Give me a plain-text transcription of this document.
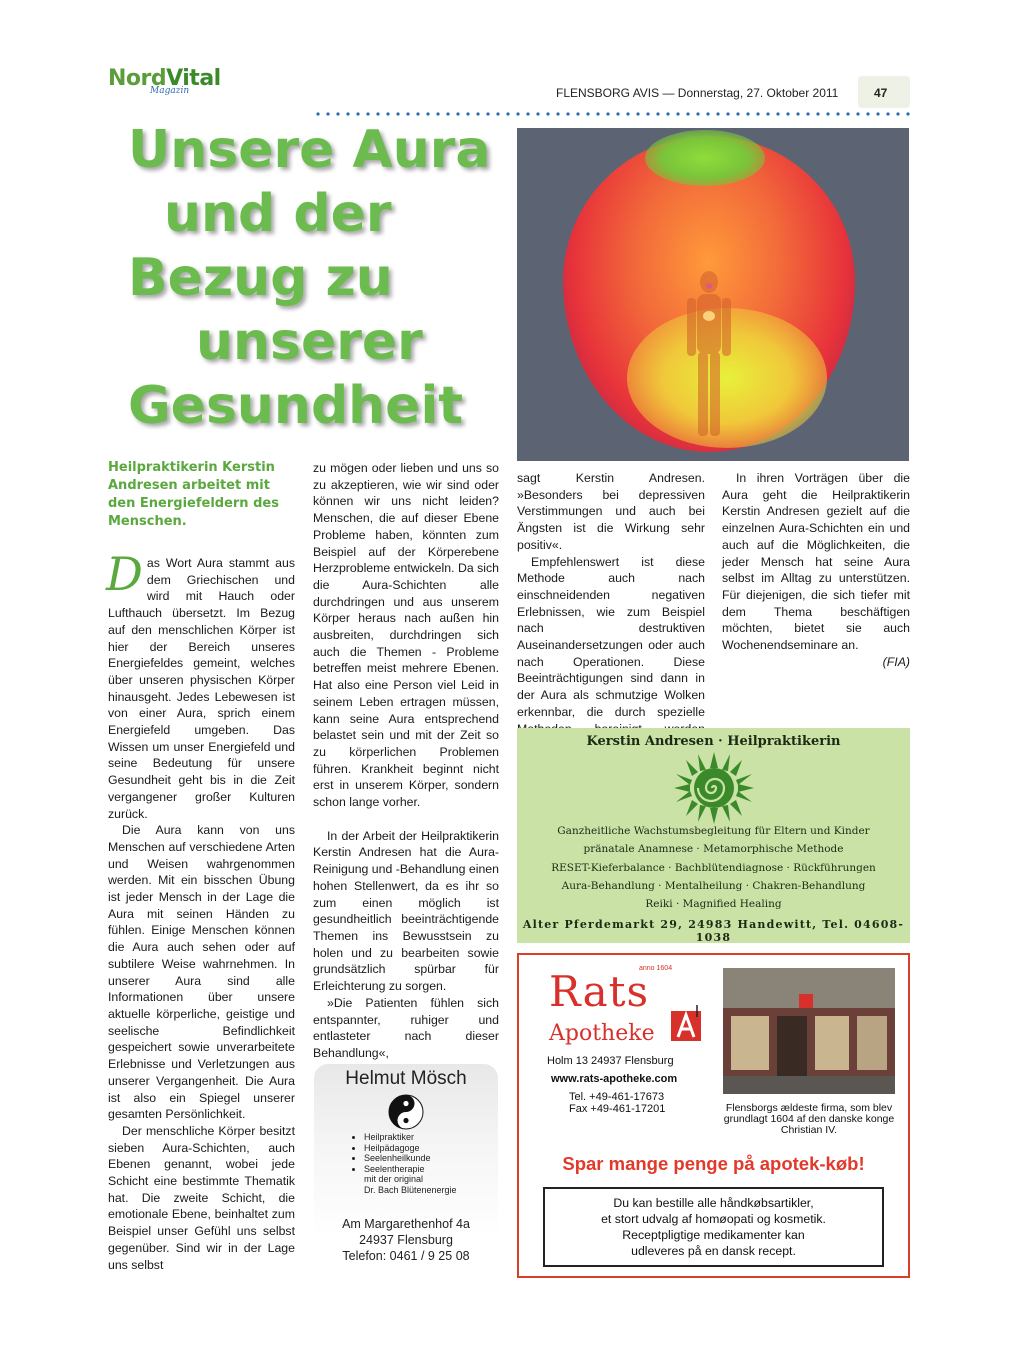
NordVital
Magazin	FLENSBORG AVIS — Donnerstag, 27. Oktober 2011	47
Unsere Aura
und der
Bezug zu
unserer
Gesundheit
Heilpraktikerin Kerstin Andresen arbeitet mit den Energiefeldern des Menschen.

Das Wort Aura stammt aus dem Griechischen und wird mit Hauch oder Lufthauch übersetzt. Im Bezug auf den menschlichen Körper ist hier der Bereich unseres Energiefeldes gemeint, welches über unseren physischen Körper hinausgeht. Jedes Lebewesen ist von einer Aura, sprich einem Energiefeld umgeben. Das Wissen um unser Energiefeld und seine Bedeutung für unsere Gesundheit geht bis in die Zeit vergangener großer Kulturen zurück.

Die Aura kann von uns Menschen auf verschiedene Arten und Weisen wahrgenommen werden. Mit ein bisschen Übung ist jeder Mensch in der Lage die Aura mit seinen Händen zu fühlen. Einige Menschen können die Aura auch sehen oder auf subtilere Weise wahrnehmen. In unserer Aura sind alle Informationen über unsere aktuelle körperliche, geistige und seelische Befindlichkeit gespeichert sowie unverarbeitete Erlebnisse und Verletzungen aus unserer Vergangenheit. Die Aura ist also ein Spiegel unserer gesamten Persönlichkeit.

Der menschliche Körper besitzt sieben Aura-Schichten, auch Ebenen genannt, wobei jede Schicht eine bestimmte Thematik hat. Die zweite Schicht, die emotionale Ebene, beinhaltet zum Beispiel unser Gefühl uns selbst gegenüber. Sind wir in der Lage uns selbst

zu mögen oder lieben und uns so zu akzeptieren, wie wir sind oder können wir uns nicht leiden? Menschen, die auf dieser Ebene Probleme haben, könnten zum Beispiel auf der Körperebene Herzprobleme entwickeln. Da sich die Aura-Schichten alle durchdringen und aus unserem Körper heraus nach außen hin ausbreiten, durchdringen sich auch die Themen - Probleme betreffen meist mehrere Ebenen. Hat also eine Person viel Leid in seinem Leben ertragen müssen, kann seine Aura entsprechend belastet sein und mit der Zeit so zu körperlichen Problemen führen. Krankheit beginnt nicht erst in unserem Körper, sondern schon lange vorher.

In der Arbeit der Heilpraktikerin Kerstin Andresen hat die Aura-Reinigung und -Behandlung einen hohen Stellenwert, da es ihr so zum einen möglich ist gesundheitlich beeinträchtigende Themen ins Bewusstsein zu holen und zu bearbeiten sowie grundsätzlich spürbar für Erleichterung zu sorgen.

»Die Patienten fühlen sich entspannter, ruhiger und entlasteter nach dieser Behandlung«,

sagt Kerstin Andresen. »Besonders bei depressiven Verstimmungen und auch bei Ängsten ist die Wirkung sehr positiv«.

Empfehlenswert ist diese Methode auch nach einschneidenden negativen Erlebnissen, wie zum Beispiel nach destruktiven Auseinandersetzungen oder auch nach Operationen. Diese Beeinträchtigungen sind dann in der Aura als schmutzige Wolken erkennbar, die durch spezielle

In ihren Vorträgen über die Aura geht die Heilpraktikerin Kerstin Andresen gezielt auf die einzelnen Aura-Schichten ein und auch auf die Möglichkeiten, die jeder Mensch hat seine Aura selbst im Alltag zu unterstützen. Für diejenigen, die sich tiefer mit dem Thema beschäftigen möchten, bietet sie auch Wochenendseminare an.

(FIA)

Kerstin Andresen · Heilpraktikerin
Ganzheitliche Wachstumsbegleitung für Eltern und Kinder
pränatale Anamnese · Metamorphische Methode
RESET-Kieferbalance · Bachblütendiagnose · Rückführungen
Aura-Behandlung · Mentalheilung · Chakren-Behandlung
Reiki · Magnified Healing
Alter Pferdemarkt 29, 24983 Handewitt, Tel. 04608-1038
Helmut Mösch
• Heilpraktiker
• Heilpädagoge
• Seelenheilkunde
• Seelentherapie
mit der original
Dr. Bach Blütenenergie
Am Margarethenhof 4a
24937 Flensburg
Telefon: 0461 / 9 25 08
anno 1604
Rats
Apotheke
Holm 13 24937 Flensburg
www.rats-apotheke.com
Tel. +49-461-17673
Fax +49-461-17201	Flensborgs ældeste firma, som blev grundlagt 1604 af den danske konge Christian IV.
Spar mange penge på apotek-køb!
Du kan bestille alle håndkøbsartikler,
et stort udvalg af homøopati og kosmetik.
Receptpligtige medikamenter kan
udleveres på en dansk recept.
